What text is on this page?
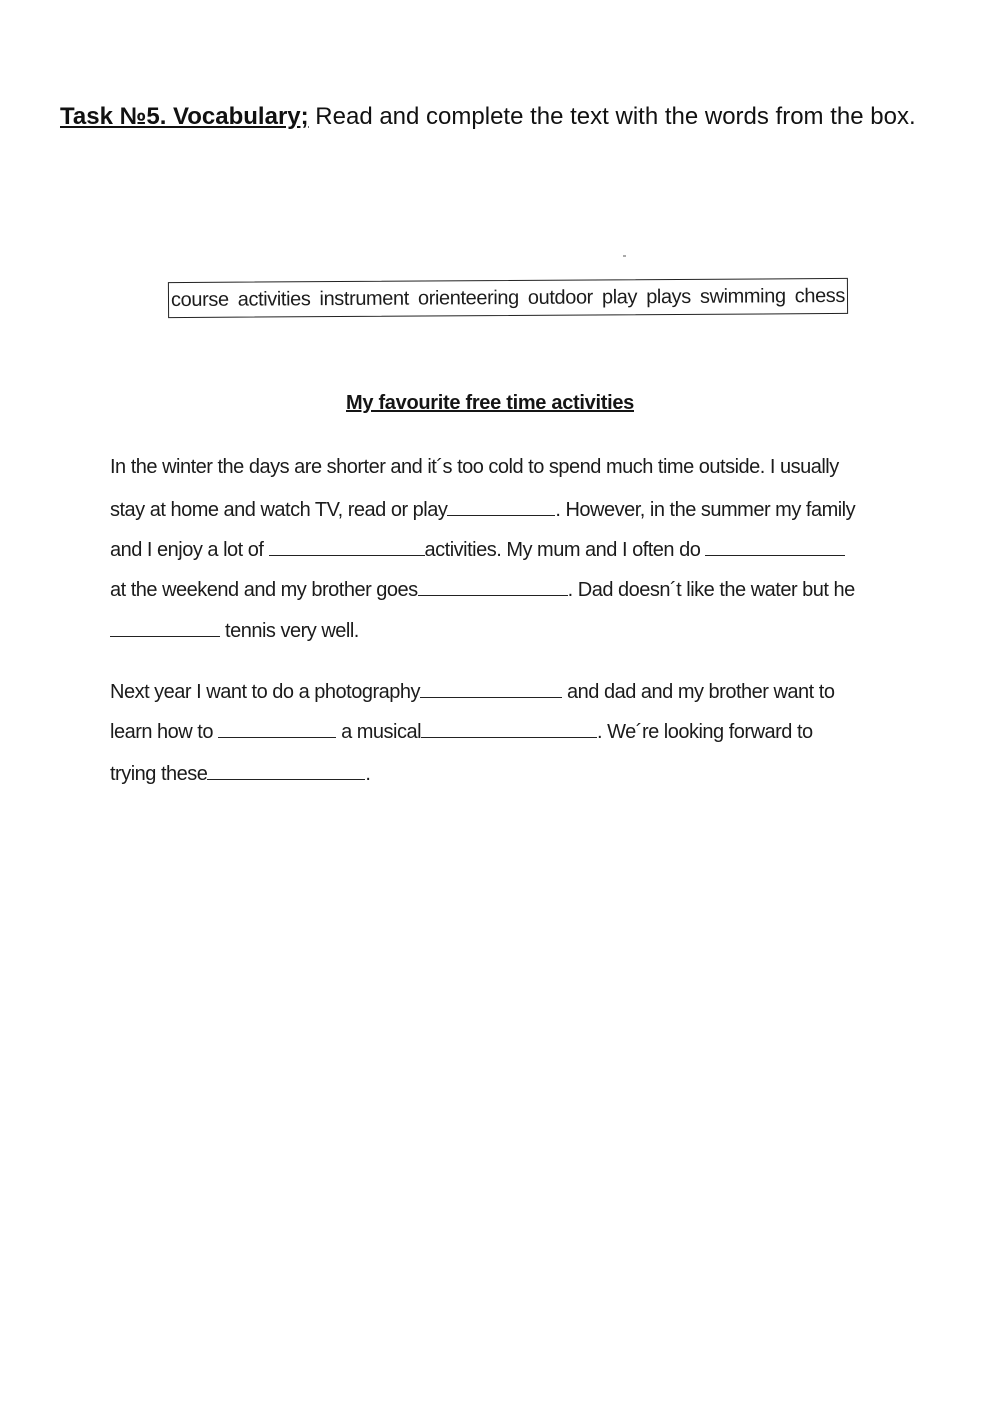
Task №5. Vocabulary; Read and complete the text with the words from the box.
course activities instrument orienteering outdoor play plays swimming chess
My favourite free time activities
In the winter the days are shorter and it´s too cold to spend much time outside. I usually
stay at home and watch TV, read or play	. However, in the summer my family
and I enjoy a lot of	activities. My mum and I often do
at the weekend and my brother goes	. Dad doesn´t like the water but he
tennis very well.
Next year I want to do a photography	and dad and my brother want to
learn how to	a musical	. We´re looking forward to
trying these	.
